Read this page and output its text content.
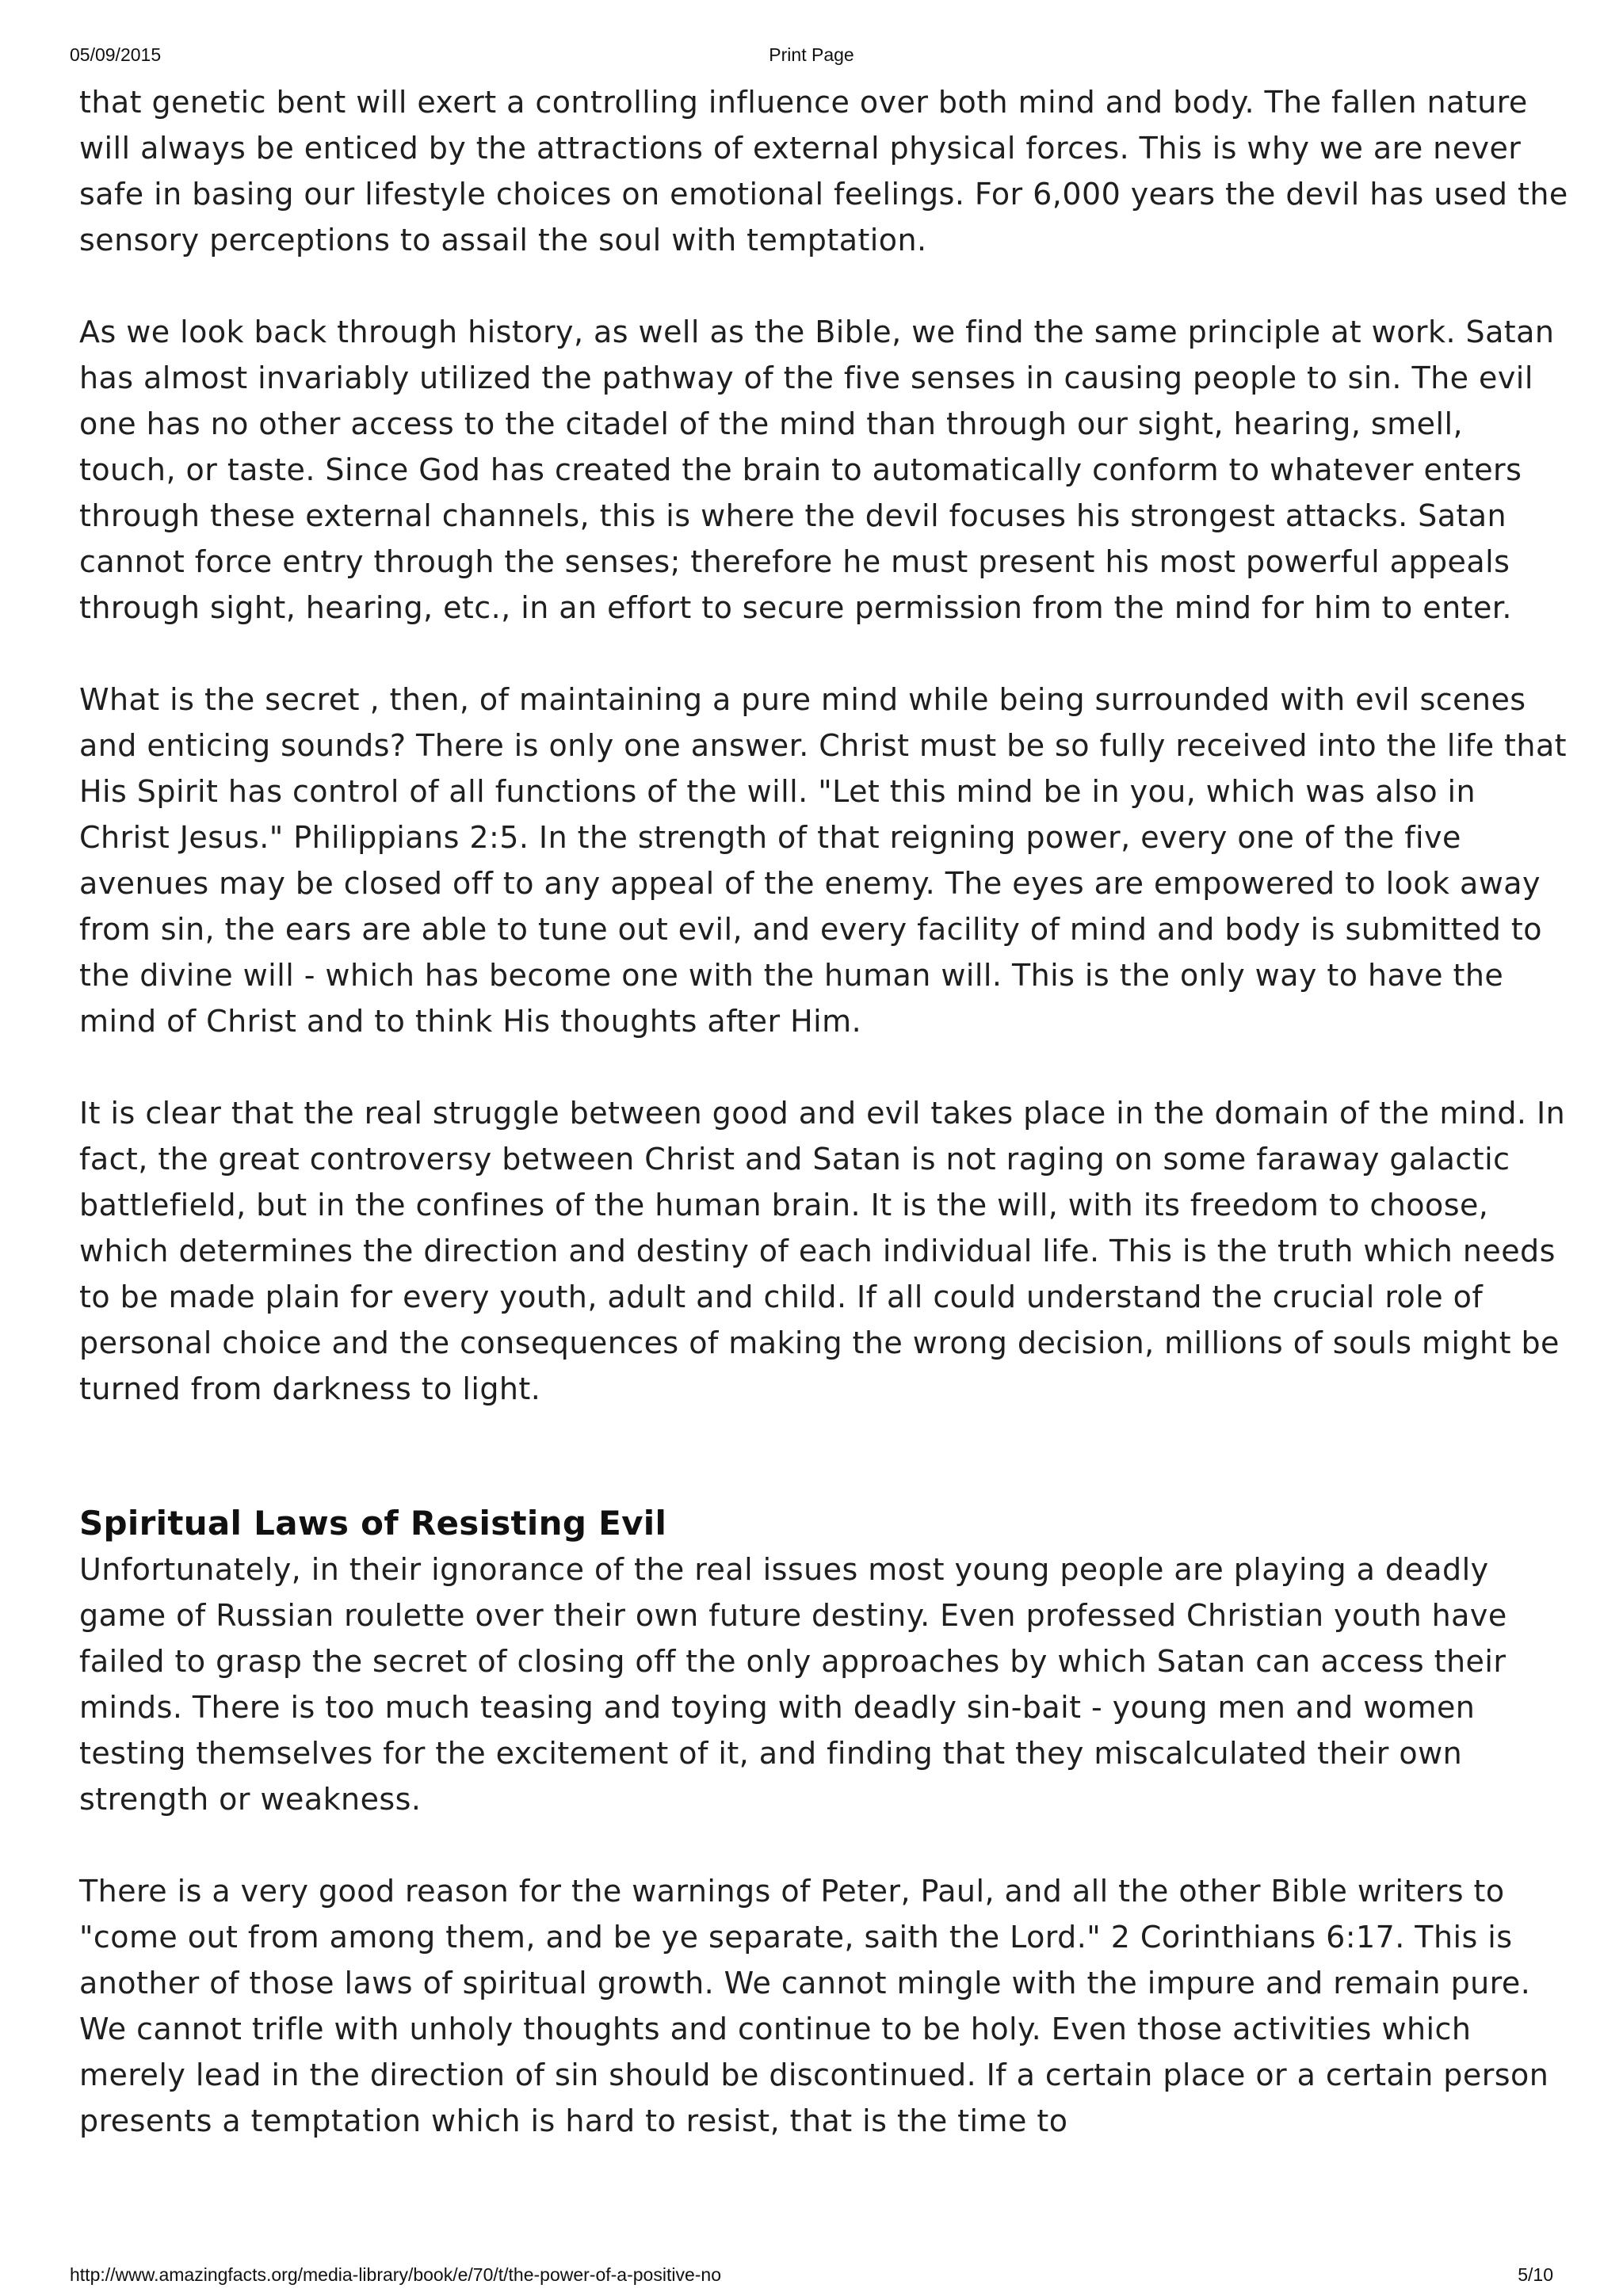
05/09/2015	Print Page

that genetic bent will exert a controlling influence over both mind and body. The fallen nature will always be enticed by the attractions of external physical forces. This is why we are never safe in basing our lifestyle choices on emotional feelings. For 6,000 years the devil has used the sensory perceptions to assail the soul with temptation.

As we look back through history, as well as the Bible, we find the same principle at work. Satan has almost invariably utilized the pathway of the five senses in causing people to sin. The evil one has no other access to the citadel of the mind than through our sight, hearing, smell, touch, or taste. Since God has created the brain to automatically conform to whatever enters through these external channels, this is where the devil focuses his strongest attacks. Satan cannot force entry through the senses; therefore he must present his most powerful appeals through sight, hearing, etc., in an effort to secure permission from the mind for him to enter.

What is the secret , then, of maintaining a pure mind while being surrounded with evil scenes and enticing sounds? There is only one answer. Christ must be so fully received into the life that His Spirit has control of all functions of the will. "Let this mind be in you, which was also in Christ Jesus." Philippians 2:5. In the strength of that reigning power, every one of the five avenues may be closed off to any appeal of the enemy. The eyes are empowered to look away from sin, the ears are able to tune out evil, and every facility of mind and body is submitted to the divine will - which has become one with the human will. This is the only way to have the mind of Christ and to think His thoughts after Him.

It is clear that the real struggle between good and evil takes place in the domain of the mind. In fact, the great controversy between Christ and Satan is not raging on some faraway galactic battlefield, but in the confines of the human brain. It is the will, with its freedom to choose, which determines the direction and destiny of each individual life. This is the truth which needs to be made plain for every youth, adult and child. If all could understand the crucial role of personal choice and the consequences of making the wrong decision, millions of souls might be turned from darkness to light.

Spiritual Laws of Resisting Evil

Unfortunately, in their ignorance of the real issues most young people are playing a deadly game of Russian roulette over their own future destiny. Even professed Christian youth have failed to grasp the secret of closing off the only approaches by which Satan can access their minds. There is too much teasing and toying with deadly sin-bait - young men and women testing themselves for the excitement of it, and finding that they miscalculated their own strength or weakness.

There is a very good reason for the warnings of Peter, Paul, and all the other Bible writers to "come out from among them, and be ye separate, saith the Lord." 2 Corinthians 6:17. This is another of those laws of spiritual growth. We cannot mingle with the impure and remain pure. We cannot trifle with unholy thoughts and continue to be holy. Even those activities which merely lead in the direction of sin should be discontinued. If a certain place or a certain person presents a temptation which is hard to resist, that is the time to

http://www.amazingfacts.org/media-library/book/e/70/t/the-power-of-a-positive-no	5/10
